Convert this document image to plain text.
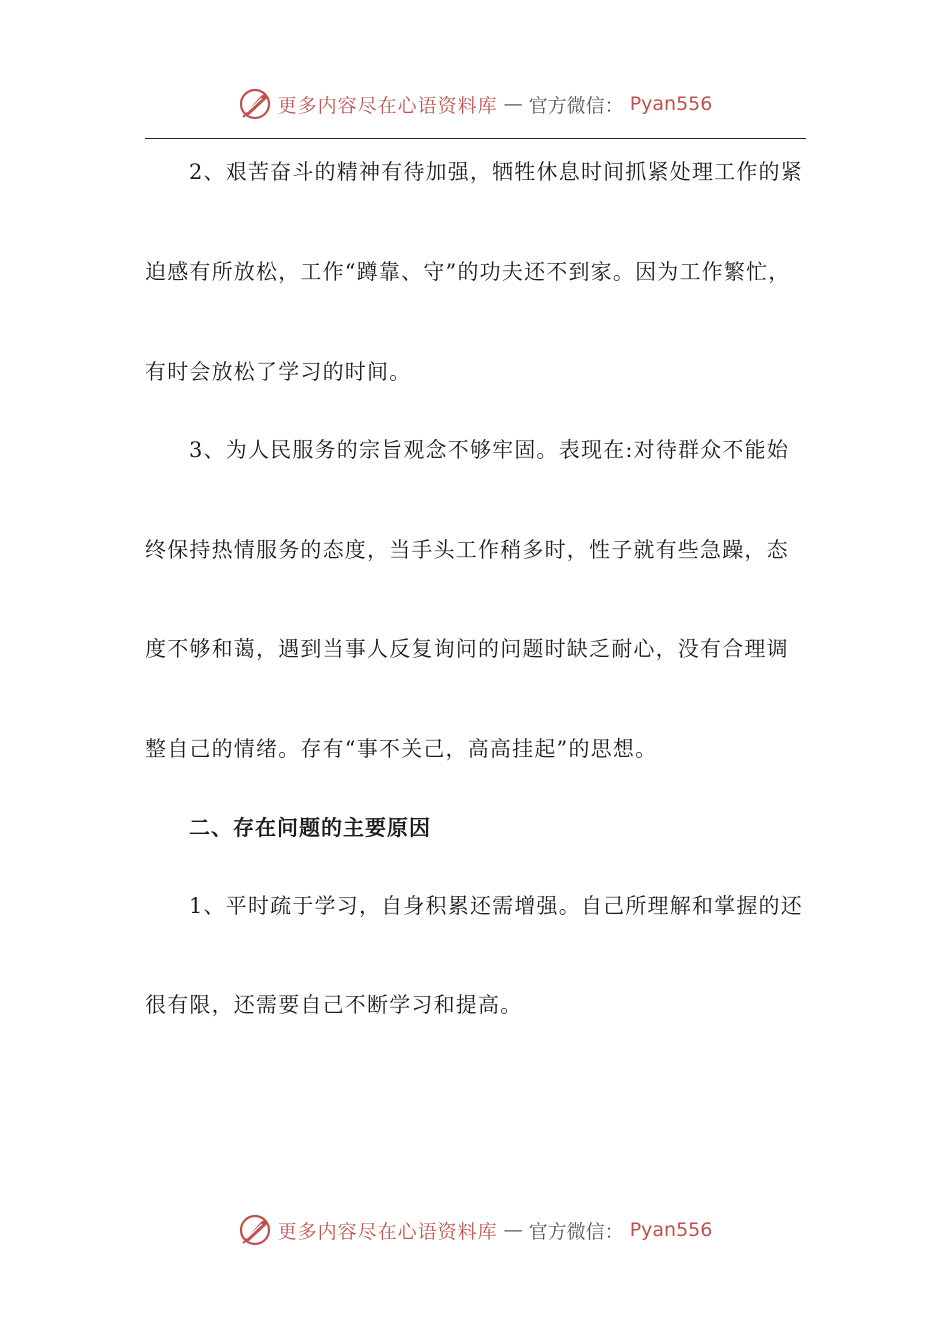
更多内容尽在心语资料库 — 官方微信： Pyan556
2、艰苦奋斗的精神有待加强，牺牲休息时间抓紧处理工作的紧
迫感有所放松，工作“蹲靠、守”的功夫还不到家。因为工作繁忙，
有时会放松了学习的时间。
3、为人民服务的宗旨观念不够牢固。表现在:对待群众不能始
终保持热情服务的态度，当手头工作稍多时，性子就有些急躁，态
度不够和蔼，遇到当事人反复询问的问题时缺乏耐心，没有合理调
整自己的情绪。存有“事不关己，高高挂起”的思想。
二、存在问题的主要原因
1、平时疏于学习，自身积累还需增强。自己所理解和掌握的还
很有限，还需要自己不断学习和提高。
更多内容尽在心语资料库 — 官方微信： Pyan556
